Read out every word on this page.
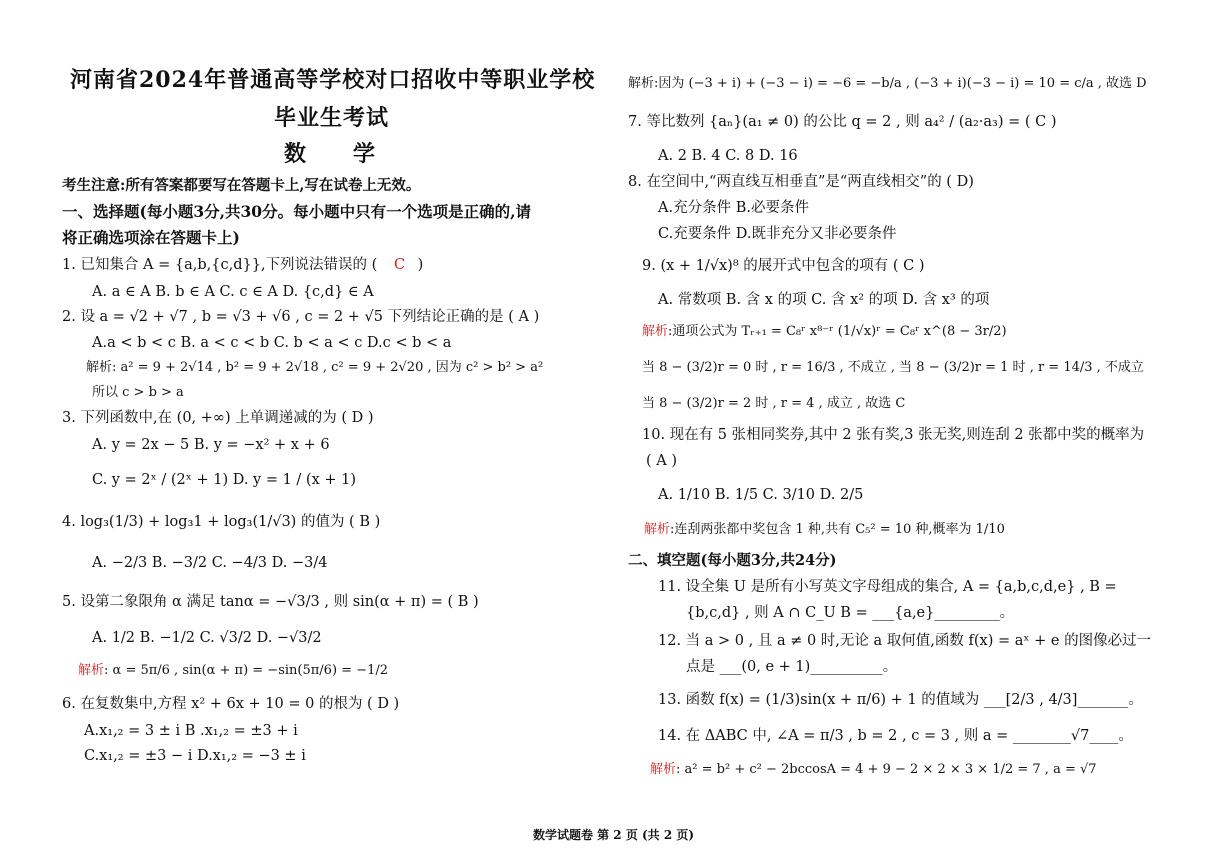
河南省2024年普通高等学校对口招收中等职业学校
毕业生考试
数　　学
考生注意:所有答案都要写在答题卡上,写在试卷上无效。
一、选择题(每小题3分,共30分。每小题中只有一个选项是正确的,请
将正确选项涂在答题卡上)
1. 已知集合 A = {a,b,{c,d}},下列说法错误的 ( C )
A. a ∈ A B. b ∈ A C. c ∈ A D. {c,d} ∈ A
2. 设 a = √2 + √7 , b = √3 + √6 , c = 2 + √5 下列结论正确的是 ( A )
A.a < b < c B. a < c < b C. b < a < c D.c < b < a
解析: a² = 9 + 2√14 , b² = 9 + 2√18 , c² = 9 + 2√20 , 因为 c² > b² > a²
所以 c > b > a
3. 下列函数中,在 (0, +∞) 上单调递减的为 ( D )
A. y = 2x − 5 B. y = −x² + x + 6
C. y = 2ˣ / (2ˣ + 1) D. y = 1 / (x + 1)
4. log₃(1/3) + log₃1 + log₃(1/√3) 的值为 ( B )
A. −2/3 B. −3/2 C. −4/3 D. −3/4
5. 设第二象限角 α 满足 tanα = −√3/3 , 则 sin(α + π) = ( B )
A. 1/2 B. −1/2 C. √3/2 D. −√3/2
解析: α = 5π/6 , sin(α + π) = −sin(5π/6) = −1/2
6. 在复数集中,方程 x² + 6x + 10 = 0 的根为 ( D )
A.x₁,₂ = 3 ± i B .x₁,₂ = ±3 + i
C.x₁,₂ = ±3 − i D.x₁,₂ = −3 ± i
解析:因为 (−3 + i) + (−3 − i) = −6 = −b/a , (−3 + i)(−3 − i) = 10 = c/a , 故选 D
7. 等比数列 {aₙ}(a₁ ≠ 0) 的公比 q = 2 , 则 a₄² / (a₂·a₃) = ( C )
A. 2 B. 4 C. 8 D. 16
8. 在空间中,“两直线互相垂直”是“两直线相交”的 ( D)
A.充分条件 B.必要条件
C.充要条件 D.既非充分又非必要条件
9. (x + 1/√x)⁸ 的展开式中包含的项有 ( C )
A. 常数项 B. 含 x 的项 C. 含 x² 的项 D. 含 x³ 的项
解析:通项公式为 Tᵣ₊₁ = C₈ʳ x⁸⁻ʳ (1/√x)ʳ = C₈ʳ x^(8 − 3r/2)
当 8 − (3/2)r = 0 时 , r = 16/3 , 不成立 , 当 8 − (3/2)r = 1 时 , r = 14/3 , 不成立
当 8 − (3/2)r = 2 时 , r = 4 , 成立 , 故选 C
10. 现在有 5 张相同奖券,其中 2 张有奖,3 张无奖,则连刮 2 张都中奖的概率为
( A )
A. 1/10 B. 1/5 C. 3/10 D. 2/5
解析:连刮两张都中奖包含 1 种,共有 C₅² = 10 种,概率为 1/10
二、填空题(每小题3分,共24分)
11. 设全集 U 是所有小写英文字母组成的集合, A = {a,b,c,d,e} , B =
{b,c,d} , 则 A ∩ C_U B = ___{a,e}_________。
12. 当 a > 0 , 且 a ≠ 0 时,无论 a 取何值,函数 f(x) = aˣ + e 的图像必过一
点是 ___(0, e + 1)__________。
13. 函数 f(x) = (1/3)sin(x + π/6) + 1 的值域为 ___[2/3 , 4/3]_______。
14. 在 ΔABC 中, ∠A = π/3 , b = 2 , c = 3 , 则 a = ________√7____。
解析: a² = b² + c² − 2bccosA = 4 + 9 − 2 × 2 × 3 × 1/2 = 7 , a = √7
数学试题卷 第 2 页 (共 2 页)
